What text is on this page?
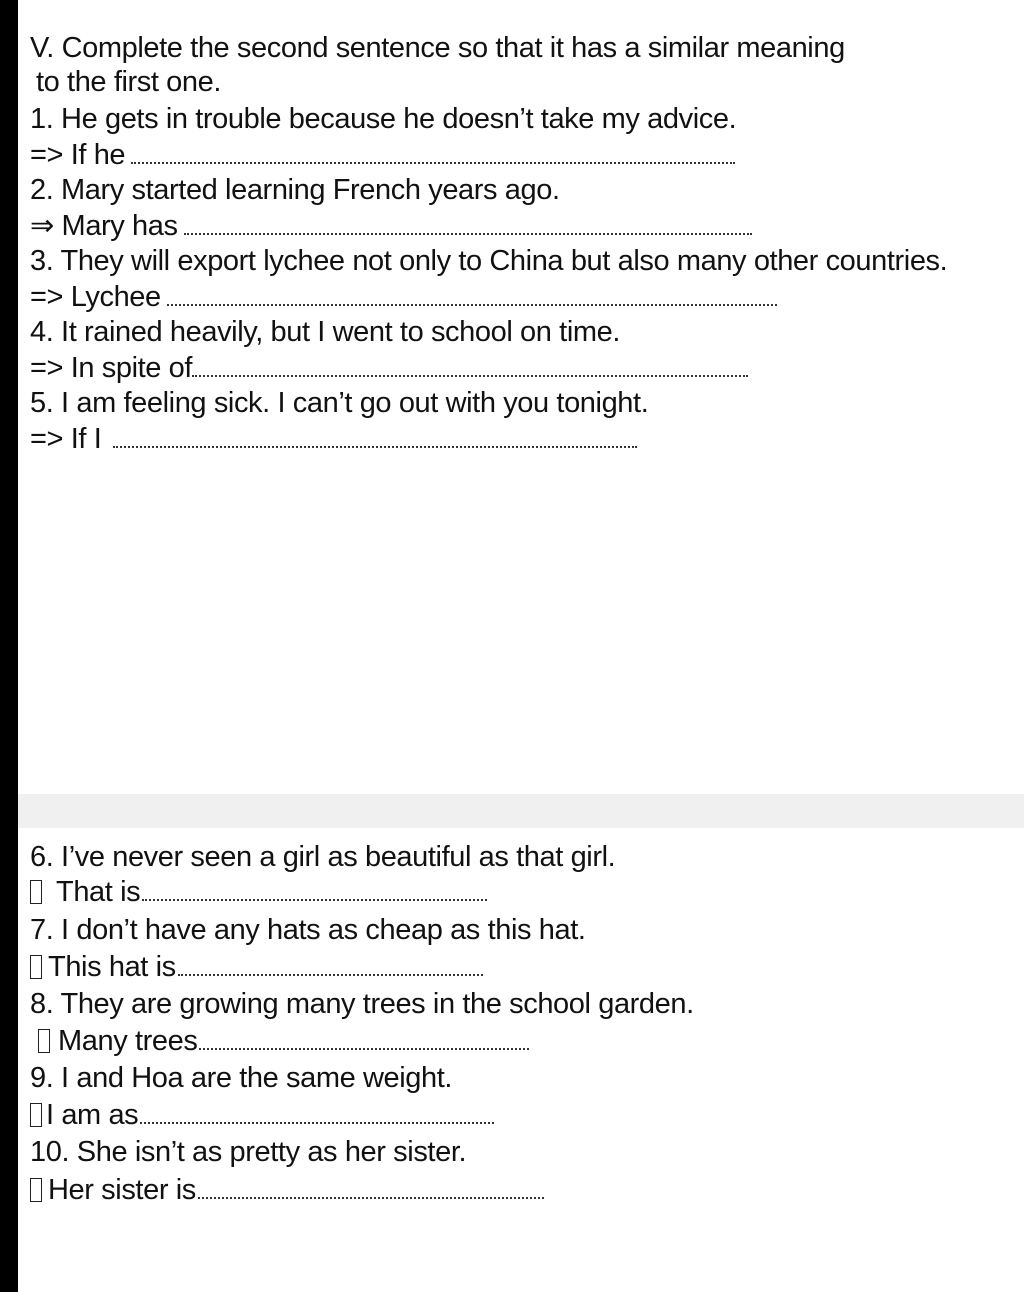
V. Complete the second sentence so that it has a similar meaning
to the first one.
1. He gets in trouble because he doesn’t take my advice.
=> If he
2. Mary started learning French years ago.
⇒ Mary has
3. They will export lychee not only to China but also many other countries.
=> Lychee
4. It rained heavily, but I went to school on time.
=> In spite of
5. I am feeling sick. I can’t go out with you tonight.
=> If I
6. I’ve never seen a girl as beautiful as that girl.
That is
7. I don’t have any hats as cheap as this hat.
This hat is
8. They are growing many trees in the school garden.
Many trees
9. I and Hoa are the same weight.
I am as
10. She isn’t as pretty as her sister.
Her sister is
